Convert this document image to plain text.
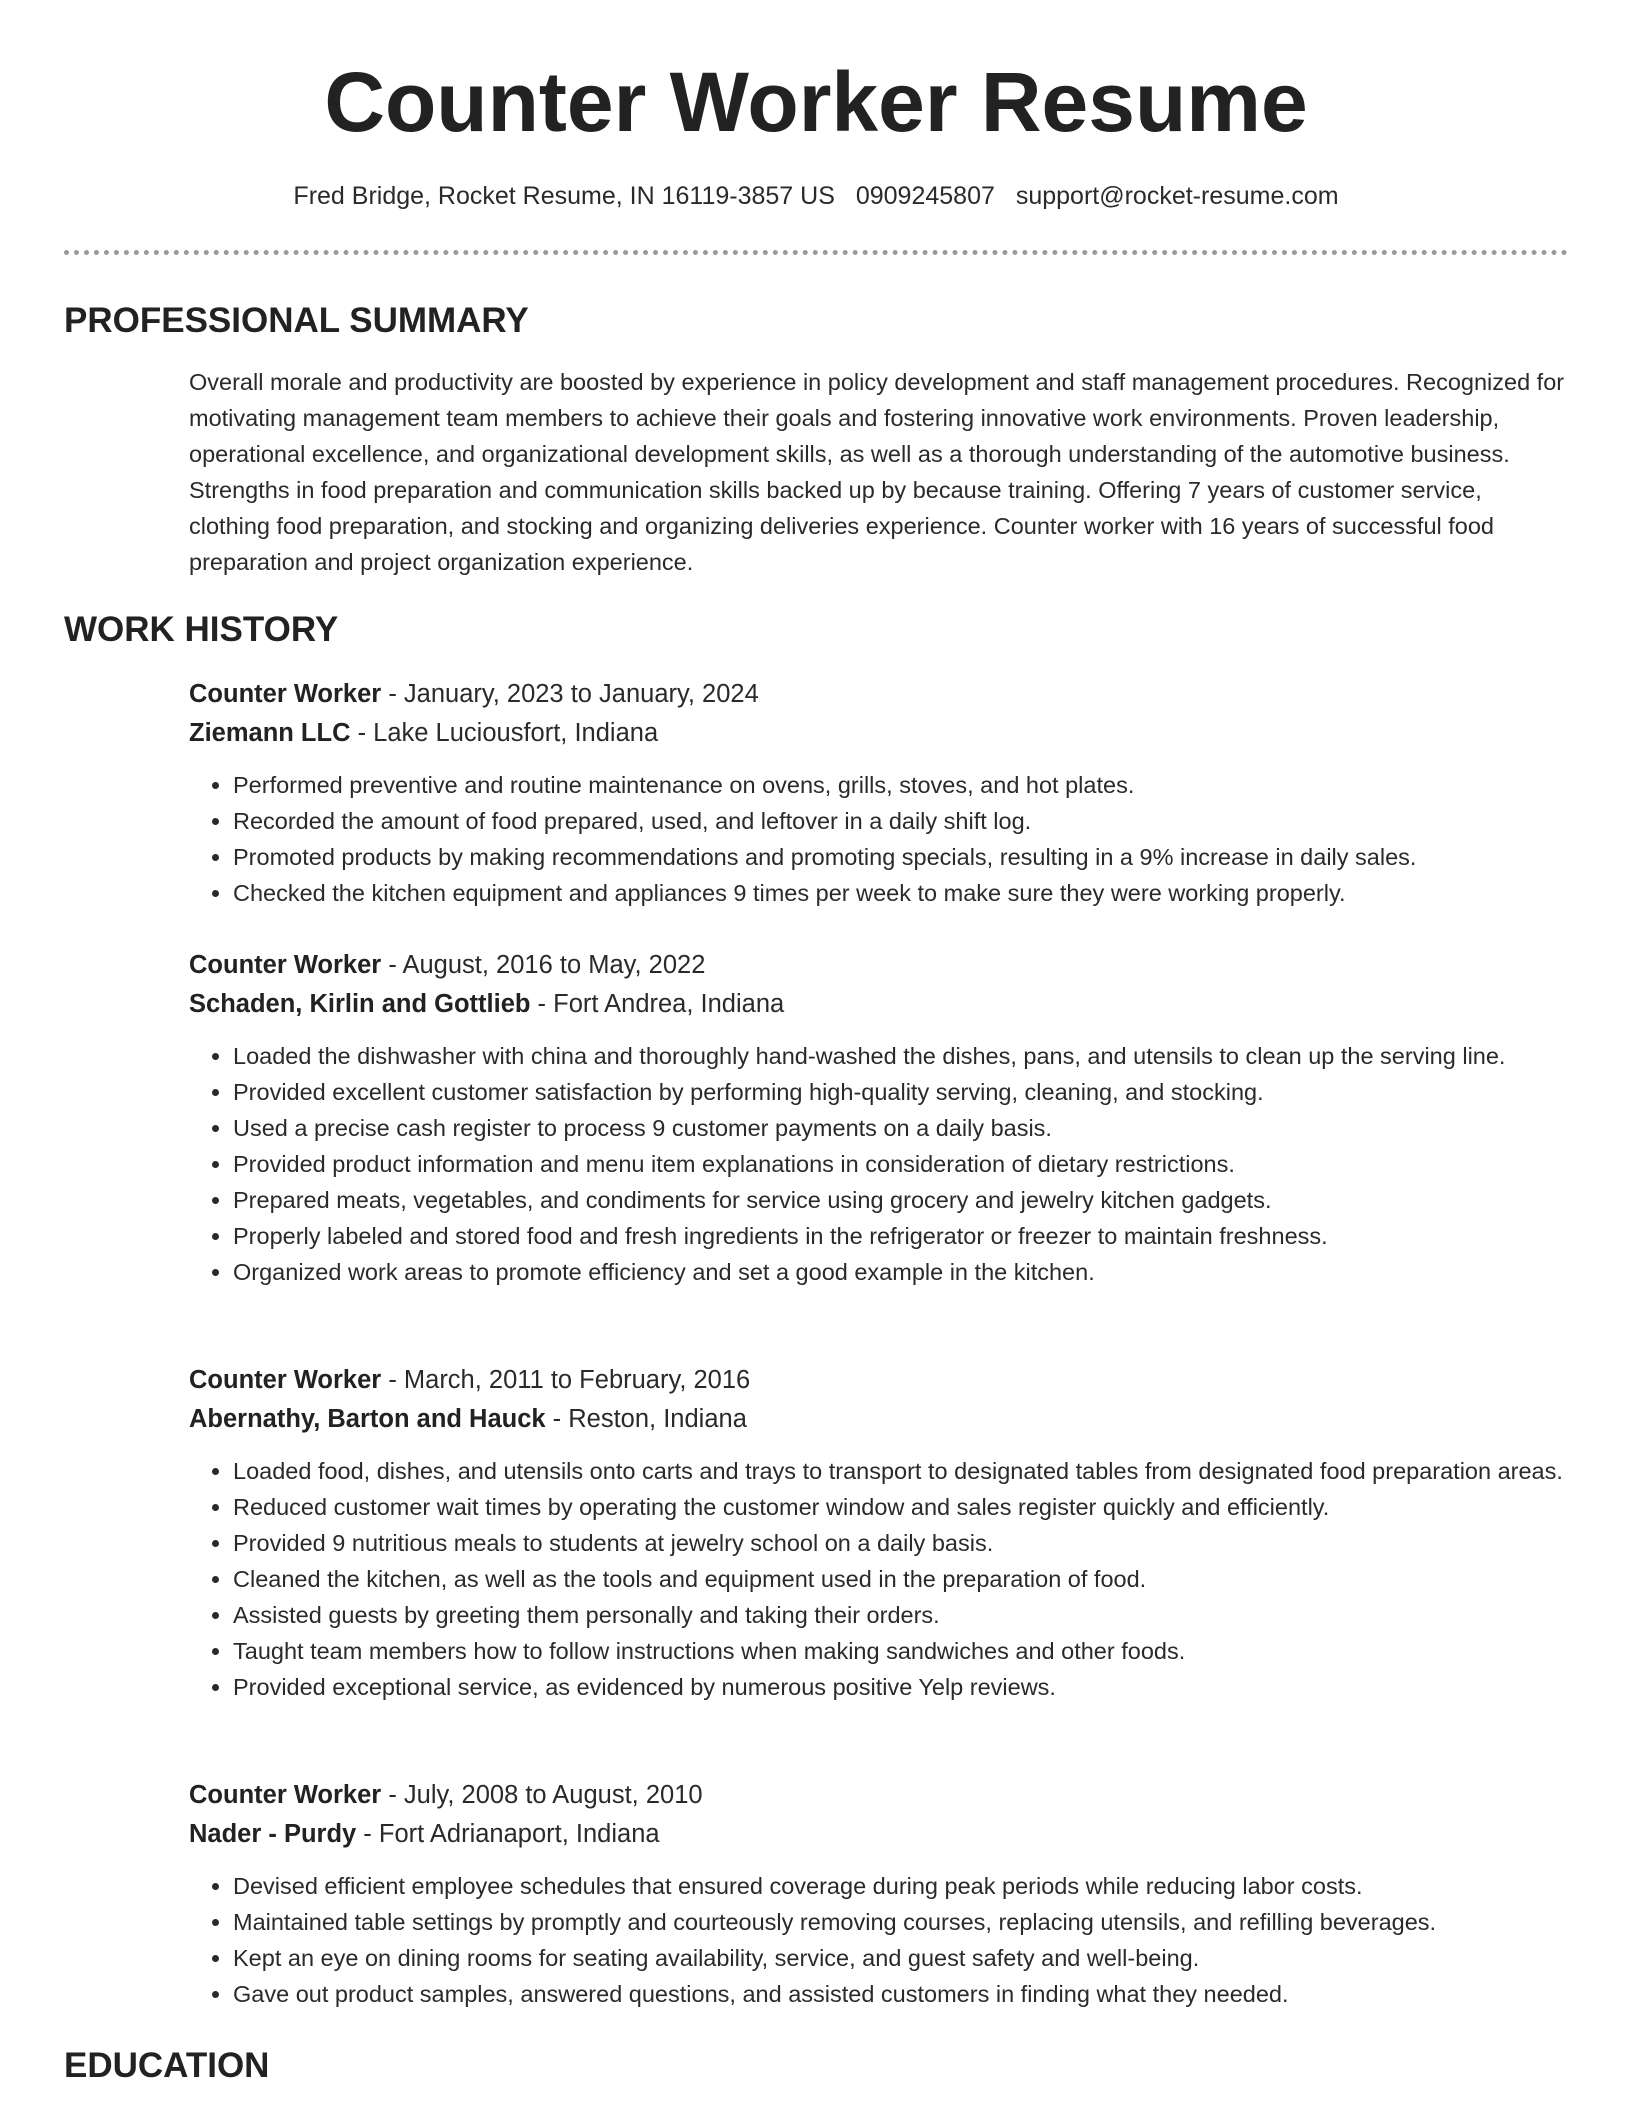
Counter Worker Resume
Fred Bridge, Rocket Resume, IN 16119-3857 US 0909245807 support@rocket-resume.com
PROFESSIONAL SUMMARY

Overall morale and productivity are boosted by experience in policy development and staff management procedures. Recognized for motivating management team members to achieve their goals and fostering innovative work environments. Proven leadership, operational excellence, and organizational development skills, as well as a thorough understanding of the automotive business. Strengths in food preparation and communication skills backed up by because training. Offering 7 years of customer service, clothing food preparation, and stocking and organizing deliveries experience. Counter worker with 16 years of successful food preparation and project organization experience.

WORK HISTORY

Counter Worker - January, 2023 to January, 2024

Ziemann LLC - Lake Luciousfort, Indiana

• Performed preventive and routine maintenance on ovens, grills, stoves, and hot plates.
• Recorded the amount of food prepared, used, and leftover in a daily shift log.
• Promoted products by making recommendations and promoting specials, resulting in a 9% increase in daily sales.
• Checked the kitchen equipment and appliances 9 times per week to make sure they were working properly.

Counter Worker - August, 2016 to May, 2022

Schaden, Kirlin and Gottlieb - Fort Andrea, Indiana

• Loaded the dishwasher with china and thoroughly hand-washed the dishes, pans, and utensils to clean up the serving line.
• Provided excellent customer satisfaction by performing high-quality serving, cleaning, and stocking.
• Used a precise cash register to process 9 customer payments on a daily basis.
• Provided product information and menu item explanations in consideration of dietary restrictions.
• Prepared meats, vegetables, and condiments for service using grocery and jewelry kitchen gadgets.
• Properly labeled and stored food and fresh ingredients in the refrigerator or freezer to maintain freshness.
• Organized work areas to promote efficiency and set a good example in the kitchen.

Counter Worker - March, 2011 to February, 2016

Abernathy, Barton and Hauck - Reston, Indiana

• Loaded food, dishes, and utensils onto carts and trays to transport to designated tables from designated food preparation areas.
• Reduced customer wait times by operating the customer window and sales register quickly and efficiently.
• Provided 9 nutritious meals to students at jewelry school on a daily basis.
• Cleaned the kitchen, as well as the tools and equipment used in the preparation of food.
• Assisted guests by greeting them personally and taking their orders.
• Taught team members how to follow instructions when making sandwiches and other foods.
• Provided exceptional service, as evidenced by numerous positive Yelp reviews.

Counter Worker - July, 2008 to August, 2010

Nader - Purdy - Fort Adrianaport, Indiana

• Devised efficient employee schedules that ensured coverage during peak periods while reducing labor costs.
• Maintained table settings by promptly and courteously removing courses, replacing utensils, and refilling beverages.
• Kept an eye on dining rooms for seating availability, service, and guest safety and well-being.
• Gave out product samples, answered questions, and assisted customers in finding what they needed.
EDUCATION
